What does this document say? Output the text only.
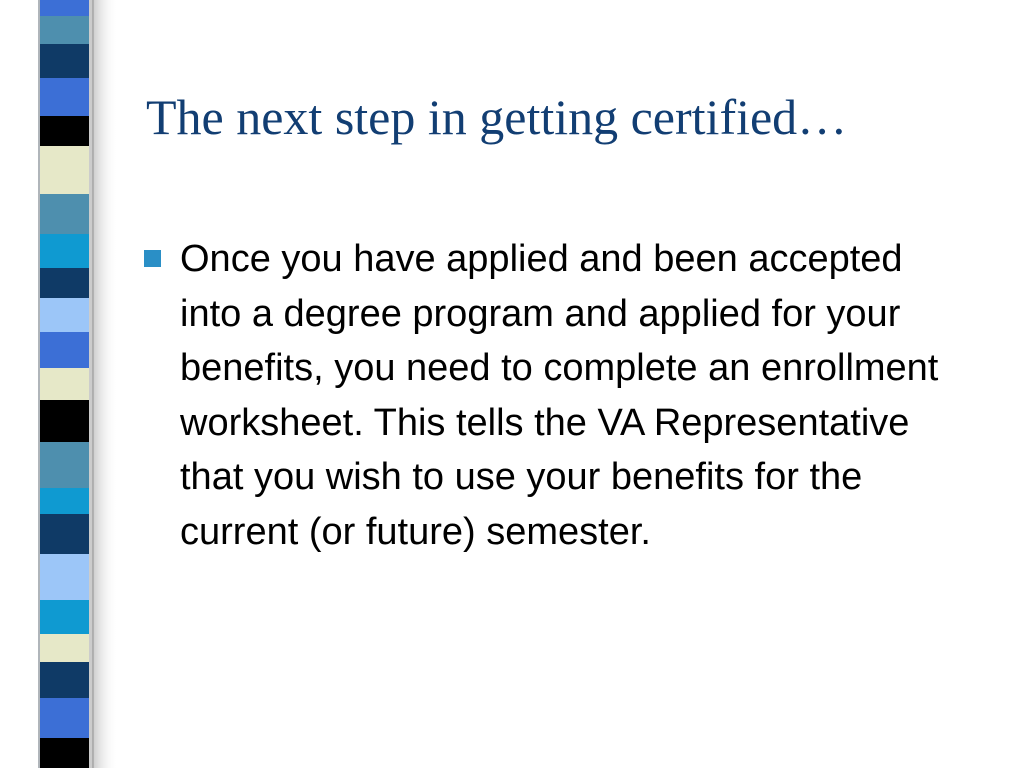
The next step in getting certified…

Once you have applied and been accepted into a degree program and applied for your benefits, you need to complete an enrollment worksheet. This tells the VA Representative that you wish to use your benefits for the current (or future) semester.
